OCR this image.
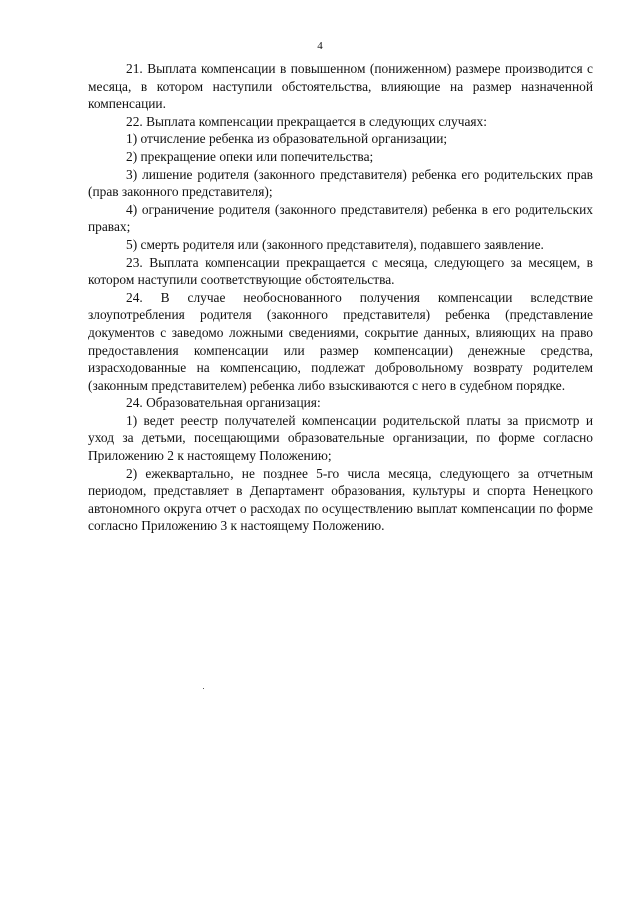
4

21. Выплата компенсации в повышенном (пониженном) размере производится с месяца, в котором наступили обстоятельства, влияющие на размер назначенной компенсации.

22. Выплата компенсации прекращается в следующих случаях:

1) отчисление ребенка из образовательной организации;

2) прекращение опеки или попечительства;

3) лишение родителя (законного представителя) ребенка его родительских прав (прав законного представителя);

4) ограничение родителя (законного представителя) ребенка в его родительских правах;

5) смерть родителя или (законного представителя), подавшего заявление.

23. Выплата компенсации прекращается с месяца, следующего за месяцем, в котором наступили соответствующие обстоятельства.

24. В случае необоснованного получения компенсации вследствие злоупотребления родителя (законного представителя) ребенка (представление документов с заведомо ложными сведениями, сокрытие данных, влияющих на право предоставления компенсации или размер компенсации) денежные средства, израсходованные на компенсацию, подлежат добровольному возврату родителем (законным представителем) ребенка либо взыскиваются с него в судебном порядке.

24. Образовательная организация:

1) ведет реестр получателей компенсации родительской платы за присмотр и уход за детьми, посещающими образовательные организации, по форме согласно Приложению 2 к настоящему Положению;

2) ежеквартально, не позднее 5-го числа месяца, следующего за отчетным периодом, представляет в Департамент образования, культуры и спорта Ненецкого автономного округа отчет о расходах по осуществлению выплат компенсации по форме согласно Приложению 3 к настоящему Положению.
